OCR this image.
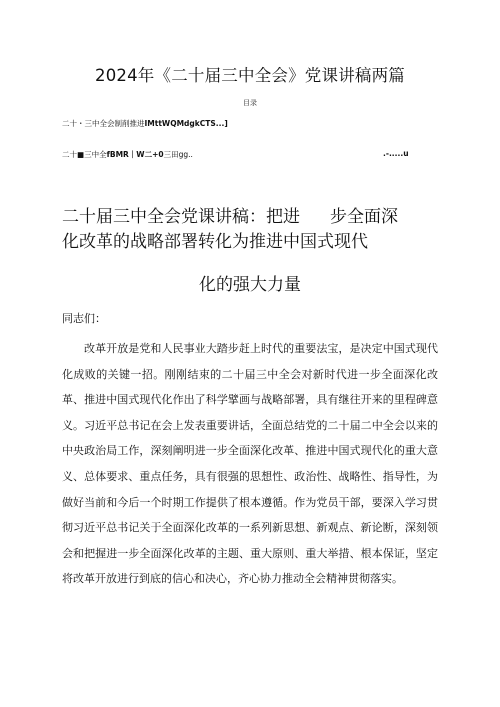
2024年《二十届三中全会》党课讲稿两篇
目录
二十・三中全会制削推进IMttWQMdgkCTS...]
二十■三中全fBMR｜W二+0三田gg..	.-.....u
二十届三中全会党课讲稿：把进 步全面深
化改革的战略部署转化为推进中国式现代
化的强大力量
同志们：

改革开放是党和人民事业大踏步赶上时代的重要法宝，是决定中国式现代化成败的关键一招。刚刚结束的二十届三中全会对新时代进一步全面深化改革、推进中国式现代化作出了科学擘画与战略部署，具有继往开来的里程碑意义。习近平总书记在会上发表重要讲话，全面总结党的二十届二中全会以来的中央政治局工作，深刻阐明进一步全面深化改革、推进中国式现代化的重大意义、总体要求、重点任务，具有很强的思想性、政治性、战略性、指导性，为做好当前和今后一个时期工作提供了根本遵循。作为党员干部，要深入学习贯彻习近平总书记关于全面深化改革的一系列新思想、新观点、新论断，深刻领会和把握进一步全面深化改革的主题、重大原则、重大举措、根本保证，坚定将改革开放进行到底的信心和决心，齐心协力推动全会精神贯彻落实。
